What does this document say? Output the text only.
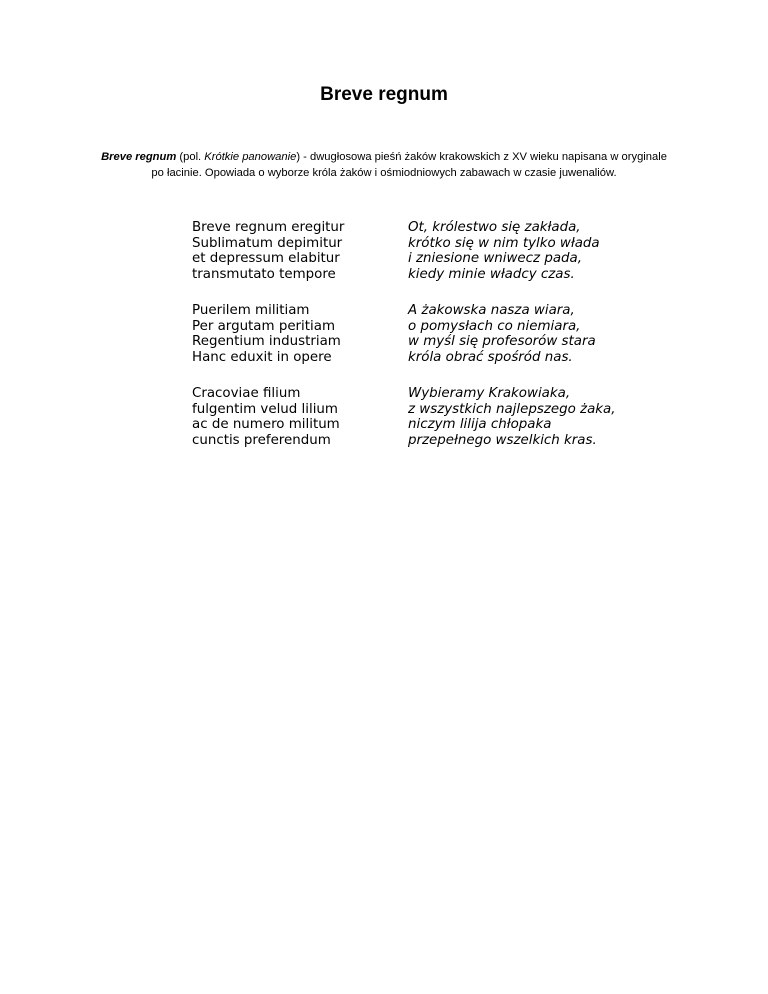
Breve regnum

Breve regnum (pol. Krótkie panowanie) - dwugłosowa pieśń żaków krakowskich z XV wieku napisana w oryginale po łacinie. Opowiada o wyborze króla żaków i ośmiodniowych zabawach w czasie juwenaliów.

Breve regnum eregitur
Sublimatum depimitur
et depressum elabitur
transmutato tempore
Ot, królestwo się zakłada,
krótko się w nim tylko włada
i zniesione wniwecz pada,
kiedy minie władcy czas.
Puerilem militiam
Per argutam peritiam
Regentium industriam
Hanc eduxit in opere
A żakowska nasza wiara,
o pomysłach co niemiara,
w myśl się profesorów stara
króla obrać spośród nas.
Cracoviae filium
fulgentim velud lilium
ac de numero militum
cunctis preferendum
Wybieramy Krakowiaka,
z wszystkich najlepszego żaka,
niczym lilija chłopaka
przepełnego wszelkich kras.
